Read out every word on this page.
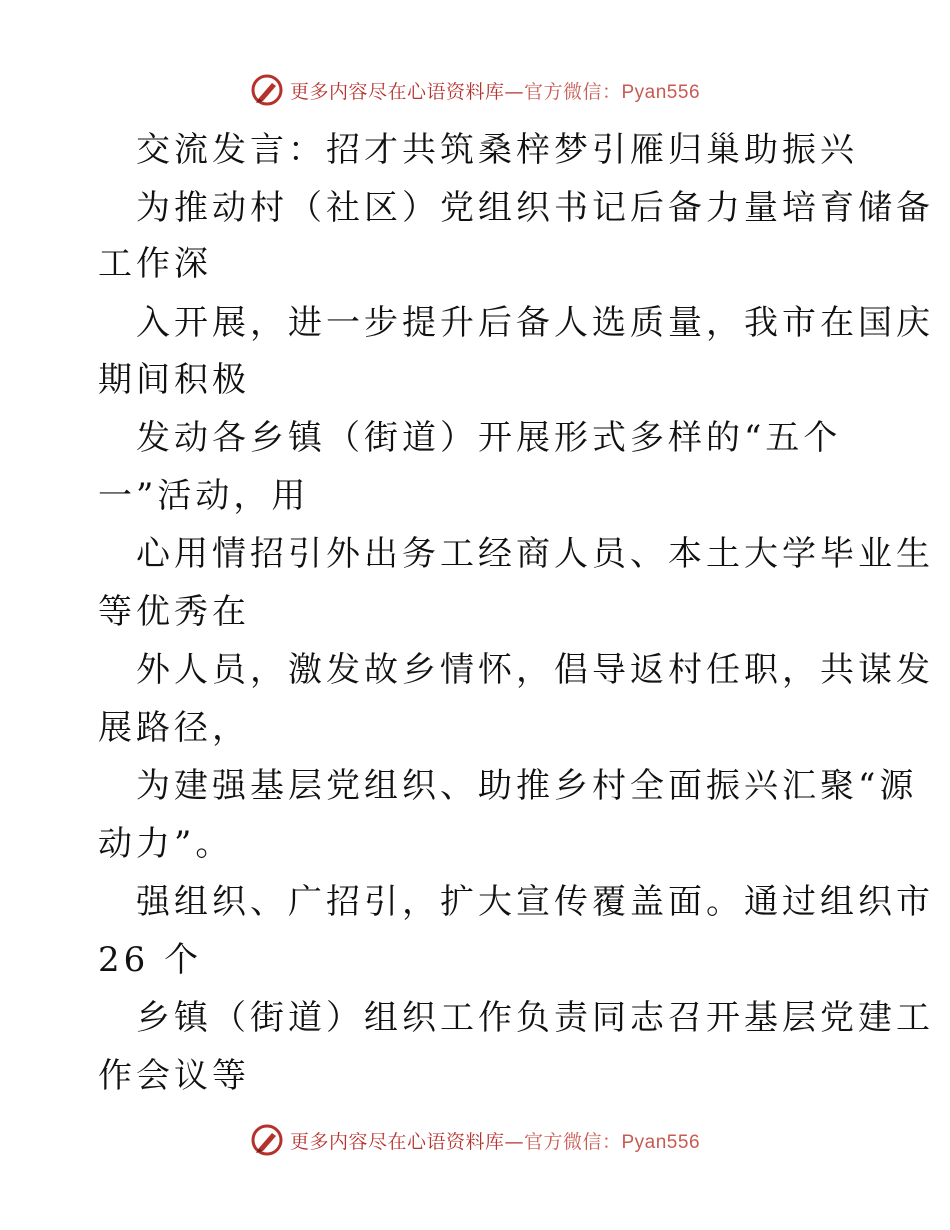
更多内容尽在心语资料库—官方微信：Pyan556
交流发言：招才共筑桑梓梦引雁归巢助振兴
为推动村（社区）党组织书记后备力量培育储备
工作深
入开展，进一步提升后备人选质量，我市在国庆
期间积极
发动各乡镇（街道）开展形式多样的“五个
一”活动，用
心用情招引外出务工经商人员、本土大学毕业生
等优秀在
外人员，激发故乡情怀，倡导返村任职，共谋发
展路径，
为建强基层党组织、助推乡村全面振兴汇聚“源
动力”。
强组织、广招引，扩大宣传覆盖面。通过组织市
26 个
乡镇（街道）组织工作负责同志召开基层党建工
作会议等
更多内容尽在心语资料库—官方微信：Pyan556
